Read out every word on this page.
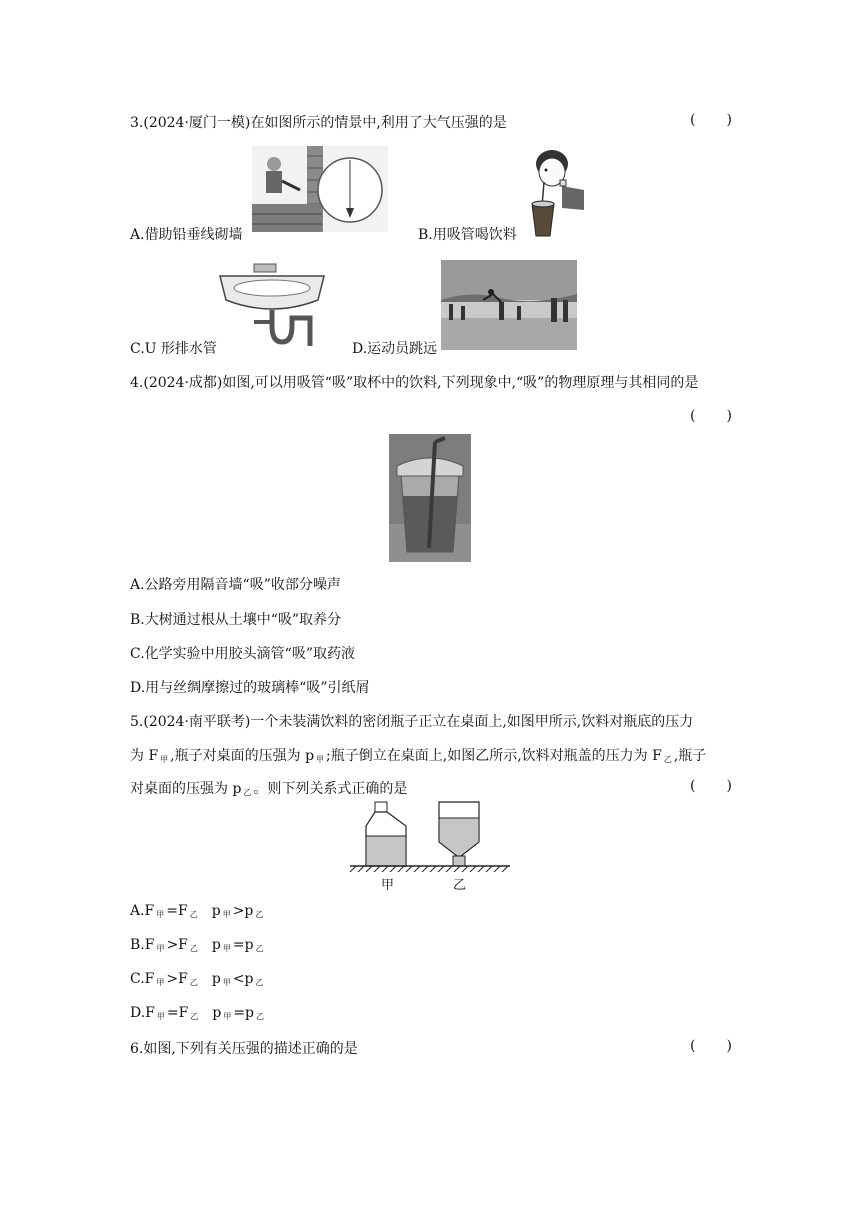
3.(2024·厦门一模)在如图所示的情景中,利用了大气压强的是	( )
A.借助铅垂线砌墙	B.用吸管喝饮料
C.U 形排水管	D.运动员跳远
4.(2024·成都)如图,可以用吸管“吸”取杯中的饮料,下列现象中,“吸”的物理原理与其相同的是
( )
A.公路旁用隔音墙“吸”收部分噪声
B.大树通过根从土壤中“吸”取养分
C.化学实验中用胶头滴管“吸”取药液
D.用与丝绸摩擦过的玻璃棒“吸”引纸屑
5.(2024·南平联考)一个未装满饮料的密闭瓶子正立在桌面上,如图甲所示,饮料对瓶底的压力
为 F $_甲$ ,瓶子对桌面的压强为 p $_甲$ ;瓶子倒立在桌面上,如图乙所示,饮料对瓶盖的压力为 F $_乙$ ,瓶子
对桌面的压强为 p $_乙$ 。则下列关系式正确的是	( )
甲	乙
A.F $_甲$ =F $_乙$ p $_甲$ >p $_乙$
B.F $_甲$ >F $_乙$ p $_甲$ =p $_乙$
C.F $_甲$ >F $_乙$ p $_甲$ <p $_乙$
D.F $_甲$ =F $_乙$ p $_甲$ =p $_乙$
6.如图,下列有关压强的描述正确的是	( )
